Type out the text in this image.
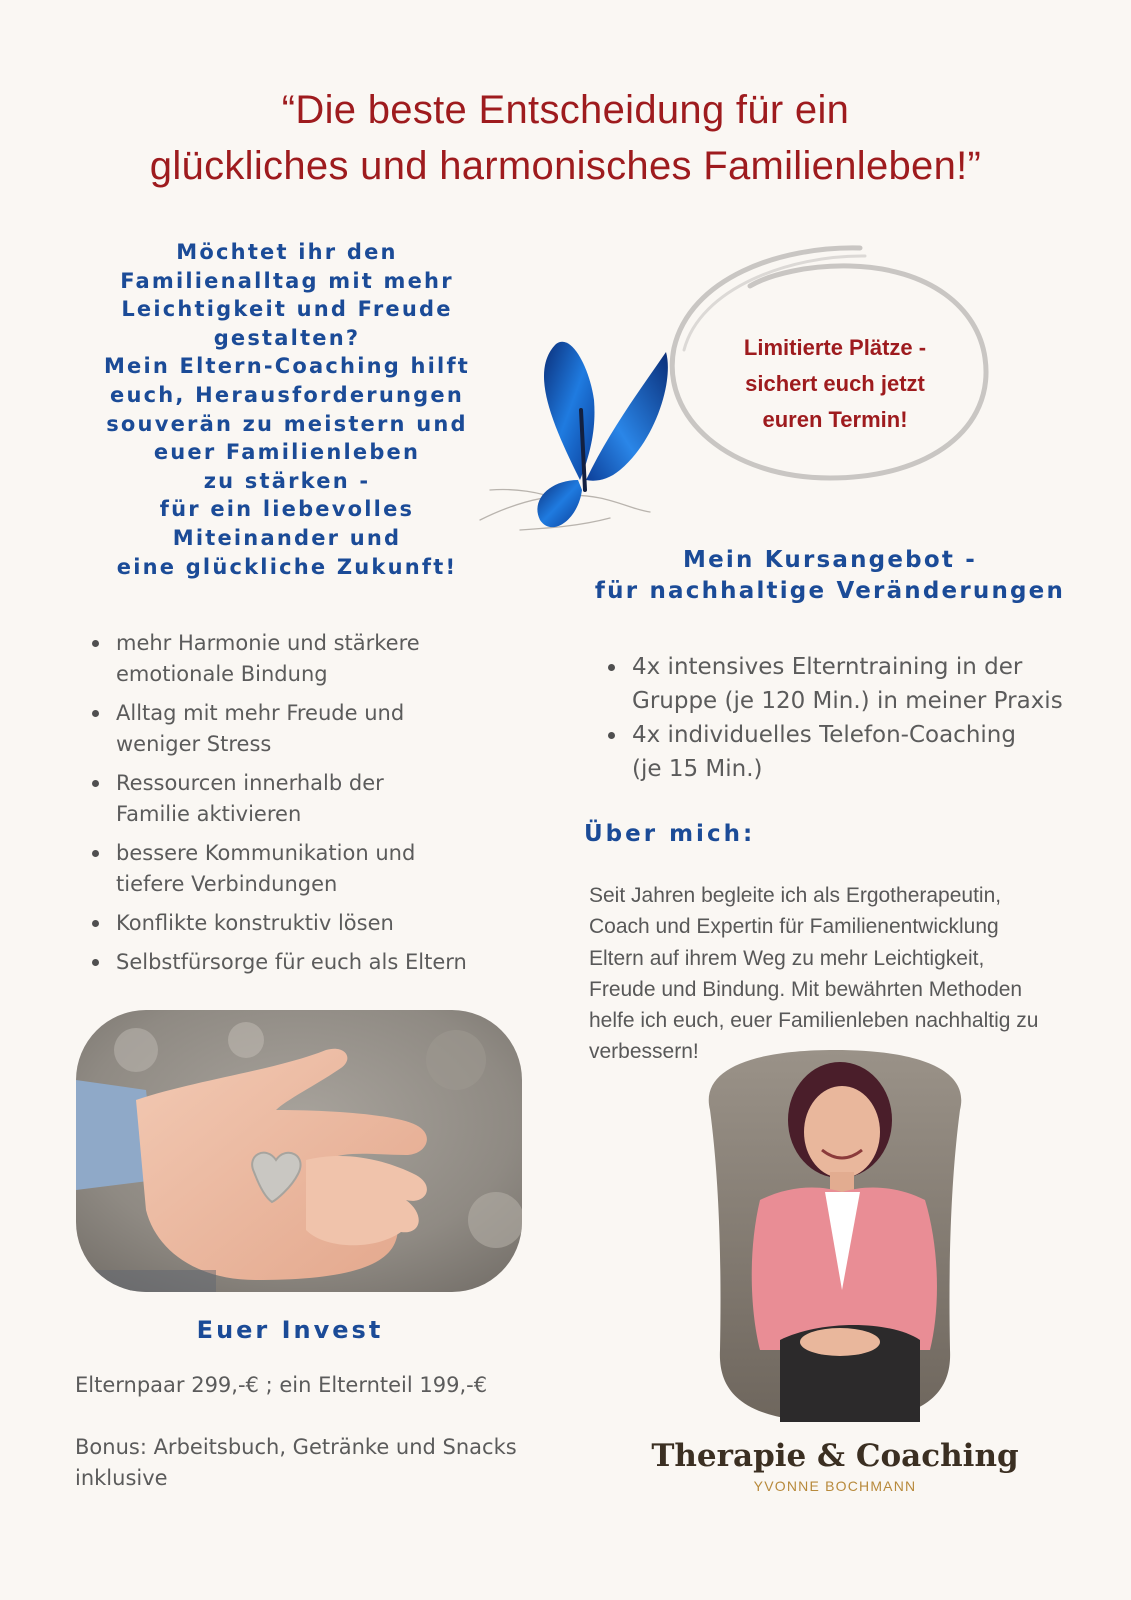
“Die beste Entscheidung für ein
glückliches und harmonisches Familienleben!”
Möchtet ihr den
Familienalltag mit mehr
Leichtigkeit und Freude
gestalten?
Mein Eltern-Coaching hilft
euch, Herausforderungen
souverän zu meistern und
euer Familienleben
zu stärken -
für ein liebevolles
Miteinander und
eine glückliche Zukunft!
Limitierte Plätze -
sichert euch jetzt
euren Termin!
Mein Kursangebot -
für nachhaltige Veränderungen
mehr Harmonie und stärkere
emotionale Bindung
Alltag mit mehr Freude und
weniger Stress
Ressourcen innerhalb der
Familie aktivieren
bessere Kommunikation und
tiefere Verbindungen
Konflikte konstruktiv lösen
Selbstfürsorge für euch als Eltern
4x intensives Elterntraining in der
Gruppe (je 120 Min.) in meiner Praxis
4x individuelles Telefon-Coaching
(je 15 Min.)
Über mich:
Seit Jahren begleite ich als Ergotherapeutin,
Coach und Expertin für Familienentwicklung
Eltern auf ihrem Weg zu mehr Leichtigkeit,
Freude und Bindung. Mit bewährten Methoden
helfe ich euch, euer Familienleben nachhaltig zu
verbessern!
Euer Invest
Elternpaar 299,-€ ; ein Elternteil 199,-€
Bonus: Arbeitsbuch, Getränke und Snacks
inklusive
Therapie & Coaching
YVONNE BOCHMANN
